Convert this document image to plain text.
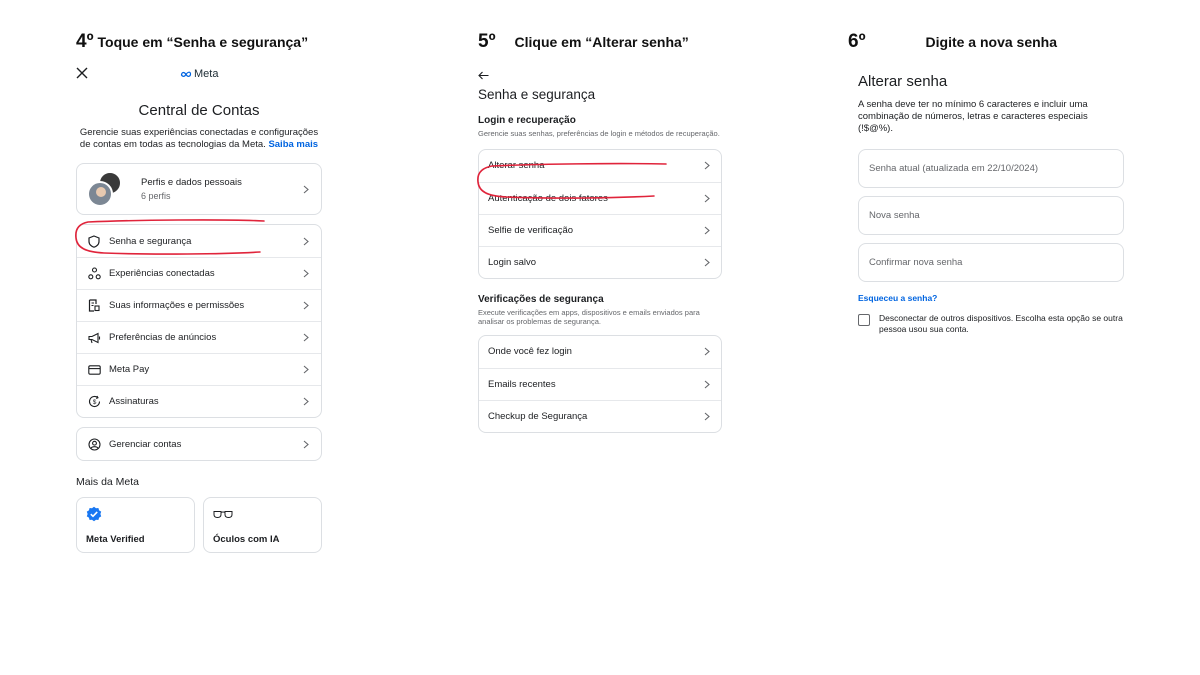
4º Toque em “Senha e segurança”	5º Clique em “Alterar senha”	6º	Digite a nova senha
Meta
Central de Contas
Gerencie suas experiências conectadas e configurações de contas em todas as tecnologias da Meta. Saiba mais
Perfis e dados pessoais
6 perfis
Senha e segurança
Experiências conectadas
Suas informações e permissões
Preferências de anúncios
Meta Pay
$ Assinaturas
Gerenciar contas
Mais da Meta
Meta Verified	Óculos com IA
Senha e segurança
Login e recuperação
Gerencie suas senhas, preferências de login e métodos de recuperação.
Alterar senha
Autenticação de dois fatores
Selfie de verificação
Login salvo
Verificações de segurança
Execute verificações em apps, dispositivos e emails enviados para analisar os problemas de segurança.
Onde você fez login
Emails recentes
Checkup de Segurança
Alterar senha
A senha deve ter no mínimo 6 caracteres e incluir uma combinação de números, letras e caracteres especiais (!$@%).
Esqueceu a senha?
Desconectar de outros dispositivos. Escolha esta opção se outra pessoa usou sua conta.
